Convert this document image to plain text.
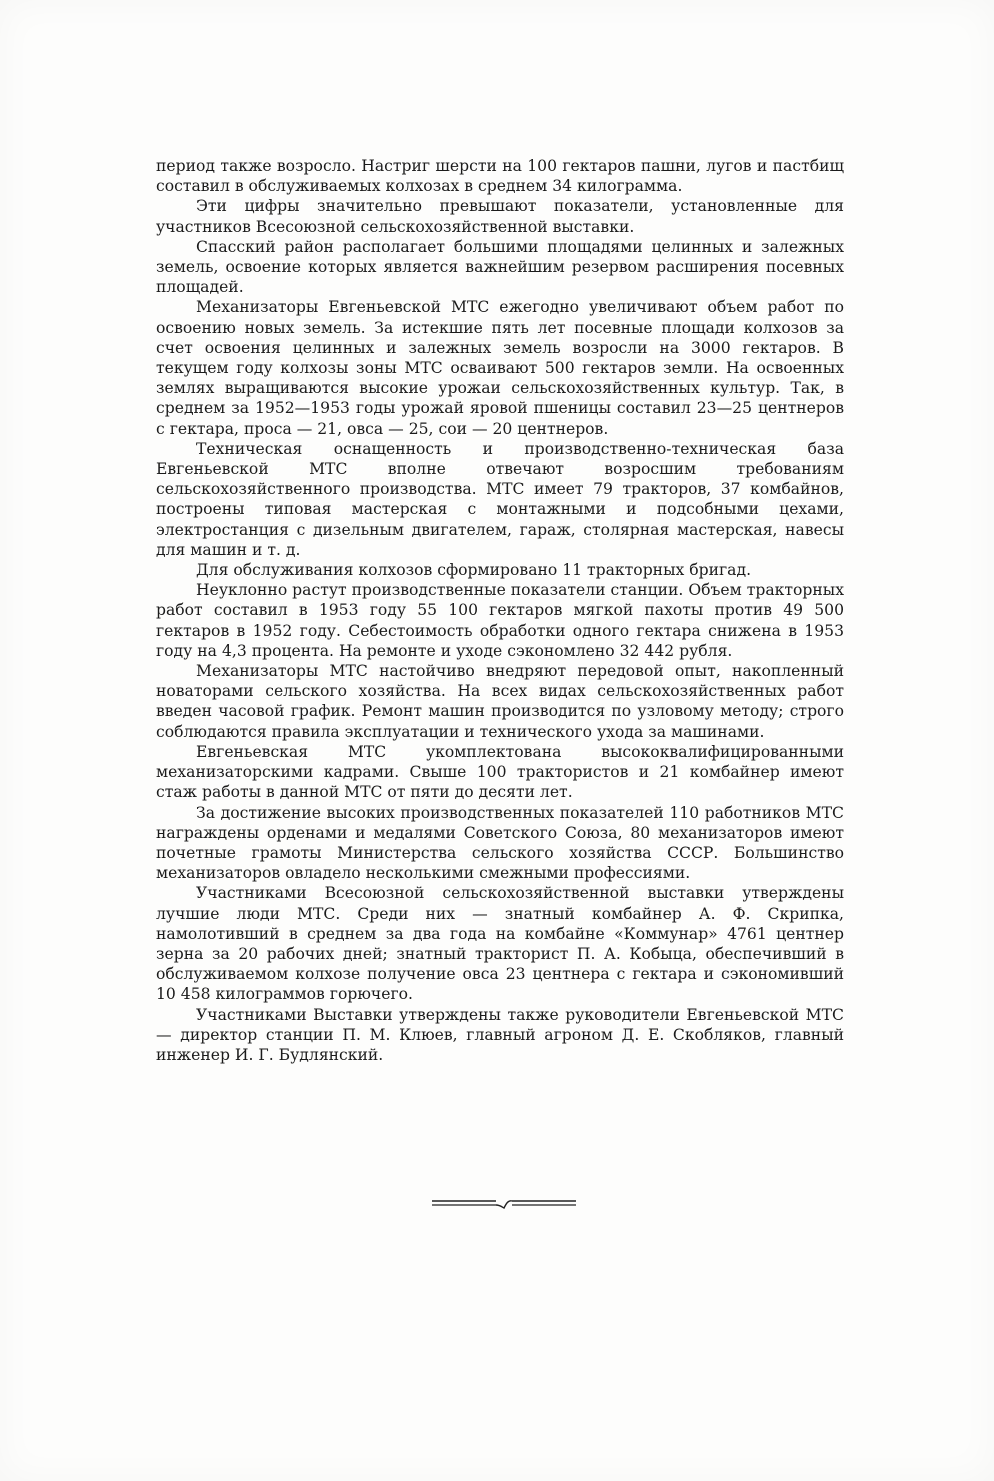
период также возросло. Настриг шерсти на 100 гектаров пашни, лугов и пастбищ составил в обслуживаемых колхозах в среднем 34 килограмма.

Эти цифры значительно превышают показатели, установленные для участников Всесоюзной сельскохозяйственной выставки.

Спасский район располагает большими площадями целинных и залежных земель, освоение которых является важнейшим резервом расширения посевных площадей.

Механизаторы Евгеньевской МТС ежегодно увеличивают объем работ по освоению новых земель. За истекшие пять лет посевные площади колхозов за счет освоения целинных и залежных земель возросли на 3000 гектаров. В текущем году колхозы зоны МТС осваивают 500 гектаров земли. На освоенных землях выращиваются высокие урожаи сельскохозяйственных культур. Так, в среднем за 1952—1953 годы урожай яровой пшеницы составил 23—25 центнеров с гектара, проса — 21, овса — 25, сои — 20 центнеров.

Техническая оснащенность и производственно-техническая база Евгеньевской МТС вполне отвечают возросшим требованиям сельскохозяйственного производства. МТС имеет 79 тракторов, 37 комбайнов, построены типовая мастерская с монтажными и подсобными цехами, электростанция с дизельным двигателем, гараж, столярная мастерская, навесы для машин и т. д.

Для обслуживания колхозов сформировано 11 тракторных бригад.

Неуклонно растут производственные показатели станции. Объем тракторных работ составил в 1953 году 55 100 гектаров мягкой пахоты против 49 500 гектаров в 1952 году. Себестоимость обработки одного гектара снижена в 1953 году на 4,3 процента. На ремонте и уходе сэкономлено 32 442 рубля.

Механизаторы МТС настойчиво внедряют передовой опыт, накопленный новаторами сельского хозяйства. На всех видах сельскохозяйственных работ введен часовой график. Ремонт машин производится по узловому методу; строго соблюдаются правила эксплуатации и технического ухода за машинами.

Евгеньевская МТС укомплектована высококвалифицированными механизаторскими кадрами. Свыше 100 трактористов и 21 комбайнер имеют стаж работы в данной МТС от пяти до десяти лет.

За достижение высоких производственных показателей 110 работников МТС награждены орденами и медалями Советского Союза, 80 механизаторов имеют почетные грамоты Министерства сельского хозяйства СССР. Большинство механизаторов овладело несколькими смежными профессиями.

Участниками Всесоюзной сельскохозяйственной выставки утверждены лучшие люди МТС. Среди них — знатный комбайнер А. Ф. Скрипка, намолотивший в среднем за два года на комбайне «Коммунар» 4761 центнер зерна за 20 рабочих дней; знатный тракторист П. А. Кобыца, обеспечивший в обслуживаемом колхозе получение овса 23 центнера с гектара и сэкономивший 10 458 килограммов горючего.

Участниками Выставки утверждены также руководители Евгеньевской МТС — директор станции П. М. Клюев, главный агроном Д. Е. Скобляков, главный инженер И. Г. Будлянский.
